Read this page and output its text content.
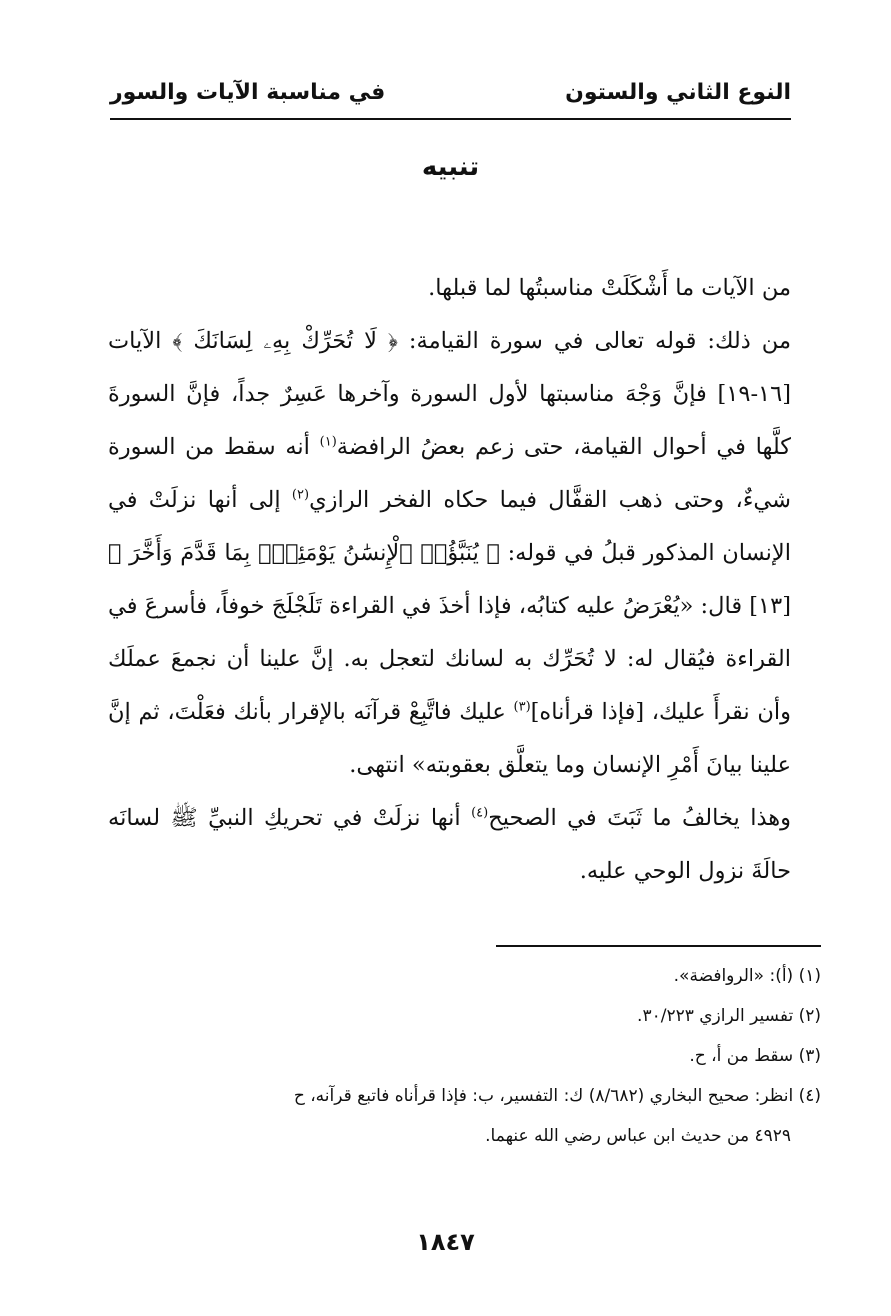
النوع الثاني والستون
في مناسبة الآيات والسور
تنبيه

من الآيات ما أَشْكَلَتْ مناسبتُها لما قبلها.

من ذلك: قوله تعالى في سورة القيامة: ﴿ لَا تُحَرِّكْ بِهِۦ لِسَانَكَ ﴾ الآيات [١٦-١٩] فإنَّ وَجْهَ مناسبتها لأول السورة وآخرها عَسِرٌ جداً، فإنَّ السورةَ كلَّها في أحوال القيامة، حتى زعم بعضُ الرافضة$^{(١)}$ أنه سقط من السورة شيءٌ، وحتى ذهب القفَّال فيما حكاه الفخر الرازي$^{(٢)}$ إلى أنها نزلَتْ في الإنسان المذكور قبلُ في قوله: ﴿ يُنَبَّؤُا۟ ٱلْإِنسَٰنُ يَوْمَئِذٍۭ بِمَا قَدَّمَ وَأَخَّرَ ﴾ [١٣] قال: «يُعْرَضُ عليه كتابُه، فإذا أخذَ في القراءة تَلَجْلَجَ خوفاً، فأسرعَ في القراءة فيُقال له: لا تُحَرِّك به لسانك لتعجل به. إنَّ علينا أن نجمعَ عملَك وأن نقرأَ عليك، [فإذا قرأناه]$^{(٣)}$ عليك فاتَّبِعْ قرآنَه بالإقرار بأنك فعَلْتَ، ثم إنَّ علينا بيانَ أَمْرِ الإنسان وما يتعلَّق بعقوبته» انتهى.

وهذا يخالفُ ما ثَبَتَ في الصحيح$^{(٤)}$ أنها نزلَتْ في تحريكِ النبيِّ ﷺ لسانَه حالَةَ نزول الوحي عليه.

(١) (أ): «الروافضة».

(٢) تفسير الرازي ٣٠/٢٢٣.

(٣) سقط من أ، ح.

(٤) انظر: صحيح البخاري (٨/٦٨٢) ك: التفسير، ب: فإذا قرأناه فاتبع قرآنه، ح

٤٩٢٩ من حديث ابن عباس رضي الله عنهما.

١٨٤٧
